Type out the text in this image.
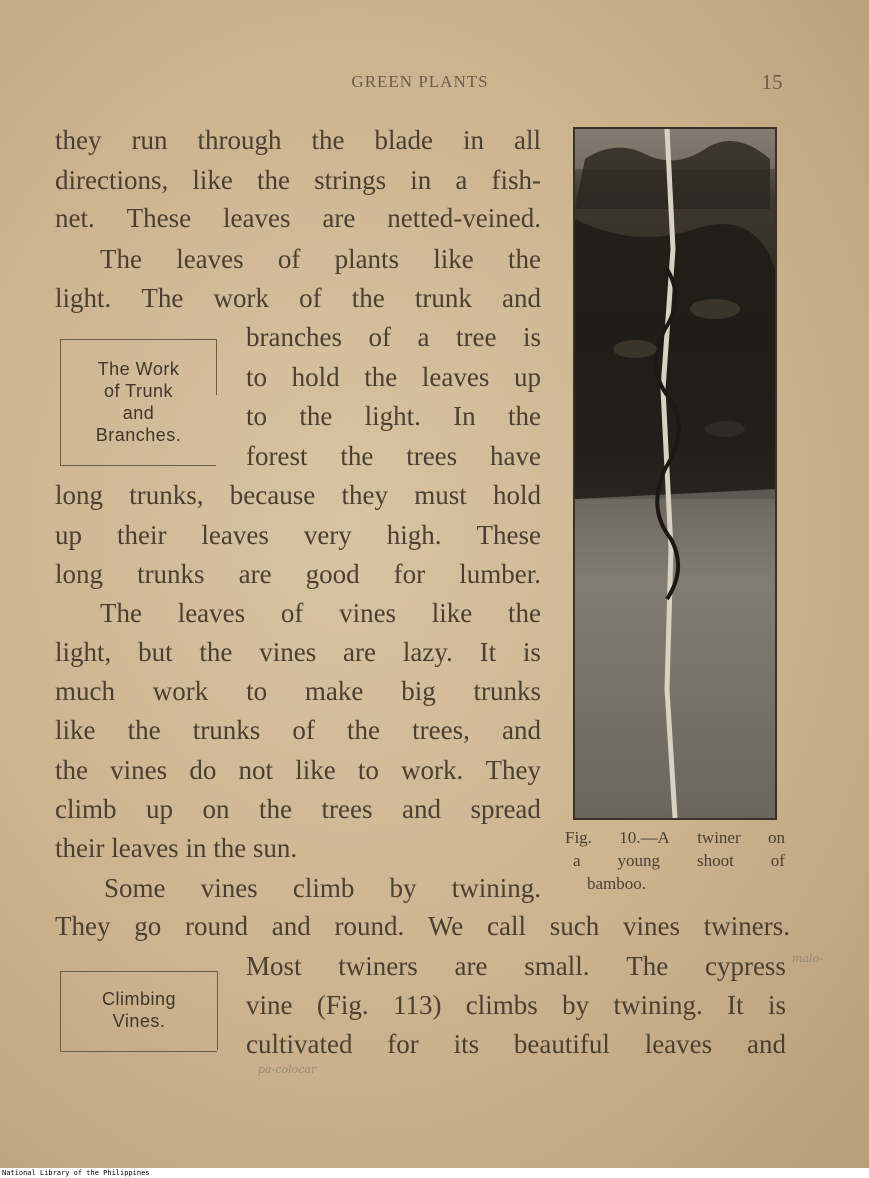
GREEN PLANTS	15
they run through the blade in all
directions, like the strings in a fish-
net. These leaves are netted-veined.
The leaves of plants like the
light. The work of the trunk and
branches of a tree is
to hold the leaves up
to the light. In the
forest the trees have
long trunks, because they must hold
up their leaves very high. These
long trunks are good for lumber.
The leaves of vines like the
light, but the vines are lazy. It is
much work to make big trunks
like the trunks of the trees, and
the vines do not like to work. They
climb up on the trees and spread
their leaves in the sun.
Some vines climb by twining.
They go round and round. We call such vines twiners.
Most twiners are small. The cypress
vine (Fig. 113) climbs by twining. It is
cultivated for its beautiful leaves and
The Work
of Trunk
and
Branches.
Climbing
Vines.
Fig. 10.—A twiner on
a young shoot of
bamboo.
malo-
pa-colocar
National Library of the Philippines
